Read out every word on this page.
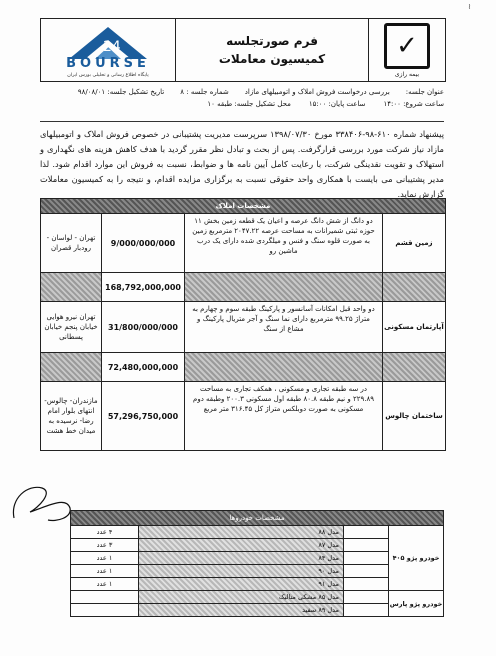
≀
24
BOURSE
پایگاه اطلاع رسانی و تحلیلی بورس ایران
فرم صورتجلسه
کمیسیون معاملات	✓
بیمه رازی
عنوان جلسه:
بررسی درخواست فروش املاک و اتومبیلهای مازاد
شماره جلسه : ۸
تاریخ تشکیل جلسه: ۹۸/۰۸/۰۱
ساعت شروع: ۱۴:۰۰
ساعت پایان: ۱۵:۰۰
محل تشکیل جلسه: طبقه ۱۰
پیشنهاد شماره ۶۱۰-۹۸-۳۳۸۴۰۶ مورخ ۱۳۹۸/۰۷/۳۰ سرپرست مدیریت پشتیبانی در خصوص فروش املاک و اتومبیلهای مازاد نیاز شرکت مورد بررسی قرارگرفت. پس از بحث و تبادل نظر مقرر گردید با هدف کاهش هزینه های نگهداری و استهلاک و تقویت نقدینگی شرکت، با رعایت کامل آیین نامه ها و ضوابط، نسبت به فروش این موارد اقدام شود. لذا مدیر پشتیبانی می بایست با همکاری واحد حقوقی نسبت به برگزاری مزایده اقدام، و نتیجه را به کمیسیون معاملات گزارش نماید.
مشخصات املاک
زمین قشم
دو دانگ از شش دانگ عرصه و اعیان یک قطعه زمین بخش ۱۱ حوزه ثبتی شمیرانات به مساحت عرصه ۲۰۴۷.۲۲ مترمربع زمین به صورت قلوه سنگ و فنس و میلگردی شده دارای یک درب ماشین رو
9/000/000/000
تهران - لواسان - رودبار قصران
168,792,000,000
آپارتمان مسکونی
دو واحد قبل امکانات آسانسور و پارکینگ طبقه سوم و چهارم به متراژ ۹۹.۲۵ مترمربع دارای نما سنگ و آجر متریال پارکینگ و مشاع از سنگ
31/800/000/000
تهران نیرو هوایی خیابان پنجم خیابان پسطانی
72,480,000,000
ساختمان چالوس
در سه طبقه تجاری و مسکونی ، همکف تجاری به مساحت ۲۲۹.۸۹ و نیم طبقه ۸۰.۸ طبقه اول مسکونی ۲۰۰.۳ وطبقه دوم مسکونی به صورت دوبلکس متراژ کل ۳۱۶.۴۵ متر مربع
57,296,750,000
مازندران- چالوس- انتهای بلوار امام رضا- نرسیده به میدان خط هشت
مشخصات خودروها
خودرو پژو ۴۰۵
مدل ۸۸
۴ عدد
مدل ۸۷
۳ عدد
مدل ۸۴
۱ عدد
مدل ۹۰
۱ عدد
مدل ۹۱
۱ عدد
خودرو پژو پارس
مدل ۸۵ مشکی متالیک
مدل ۸۹ سفید
